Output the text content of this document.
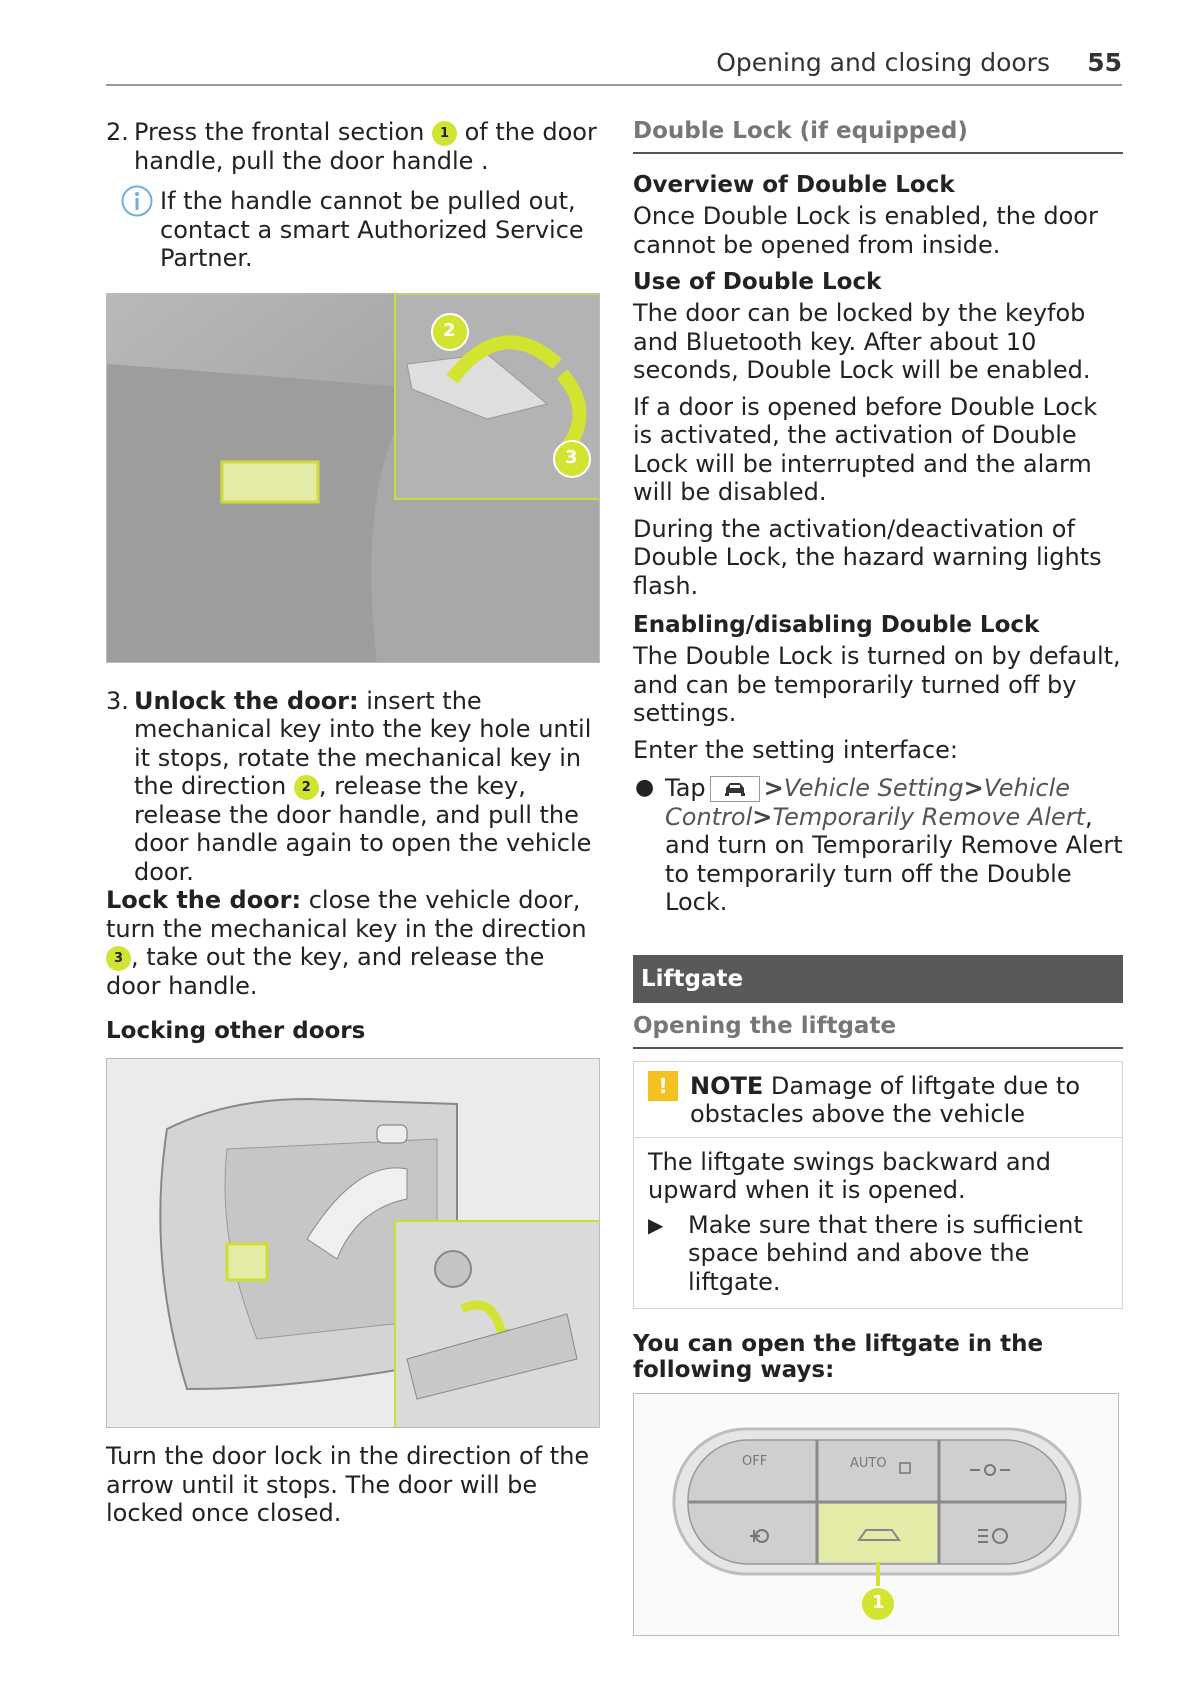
Opening and closing doors 55
2. Press the frontal section 1 of the door handle, pull the door handle .

If the handle cannot be pulled out, contact a smart Authorized Service Partner.

2
3
3. Unlock the door: insert the mechanical key into the key hole until it stops, rotate the mechanical key in the direction 2 , release the key, release the door handle, and pull the door handle again to open the vehicle door.

Lock the door: close the vehicle door, turn the mechanical key in the direction 3 , take out the key, and release the door handle.

Locking other doors

Turn the door lock in the direction of the arrow until it stops. The door will be locked once closed.

Double Lock (if equipped)
Overview of Double Lock

Once Double Lock is enabled, the door cannot be opened from inside.

Use of Double Lock

The door can be locked by the keyfob and Bluetooth key. After about 10 seconds, Double Lock will be enabled.

If a door is opened before Double Lock is activated, the activation of Double Lock will be interrupted and the alarm will be disabled.

During the activation/deactivation of Double Lock, the hazard warning lights flash.

Enabling/disabling Double Lock

The Double Lock is turned on by default, and can be temporarily turned off by settings.

Enter the setting interface:

● Tap >Vehicle Setting>Vehicle Control>Temporarily Remove Alert, and turn on Temporarily Remove Alert to temporarily turn off the Double Lock.

Liftgate
Opening the liftgate
! NOTE Damage of liftgate due to obstacles above the vehicle

The liftgate swings backward and upward when it is opened.

▶	Make sure that there is sufficient space behind and above the liftgate.

You can open the liftgate in the following ways:
OFF	AUTO
1
